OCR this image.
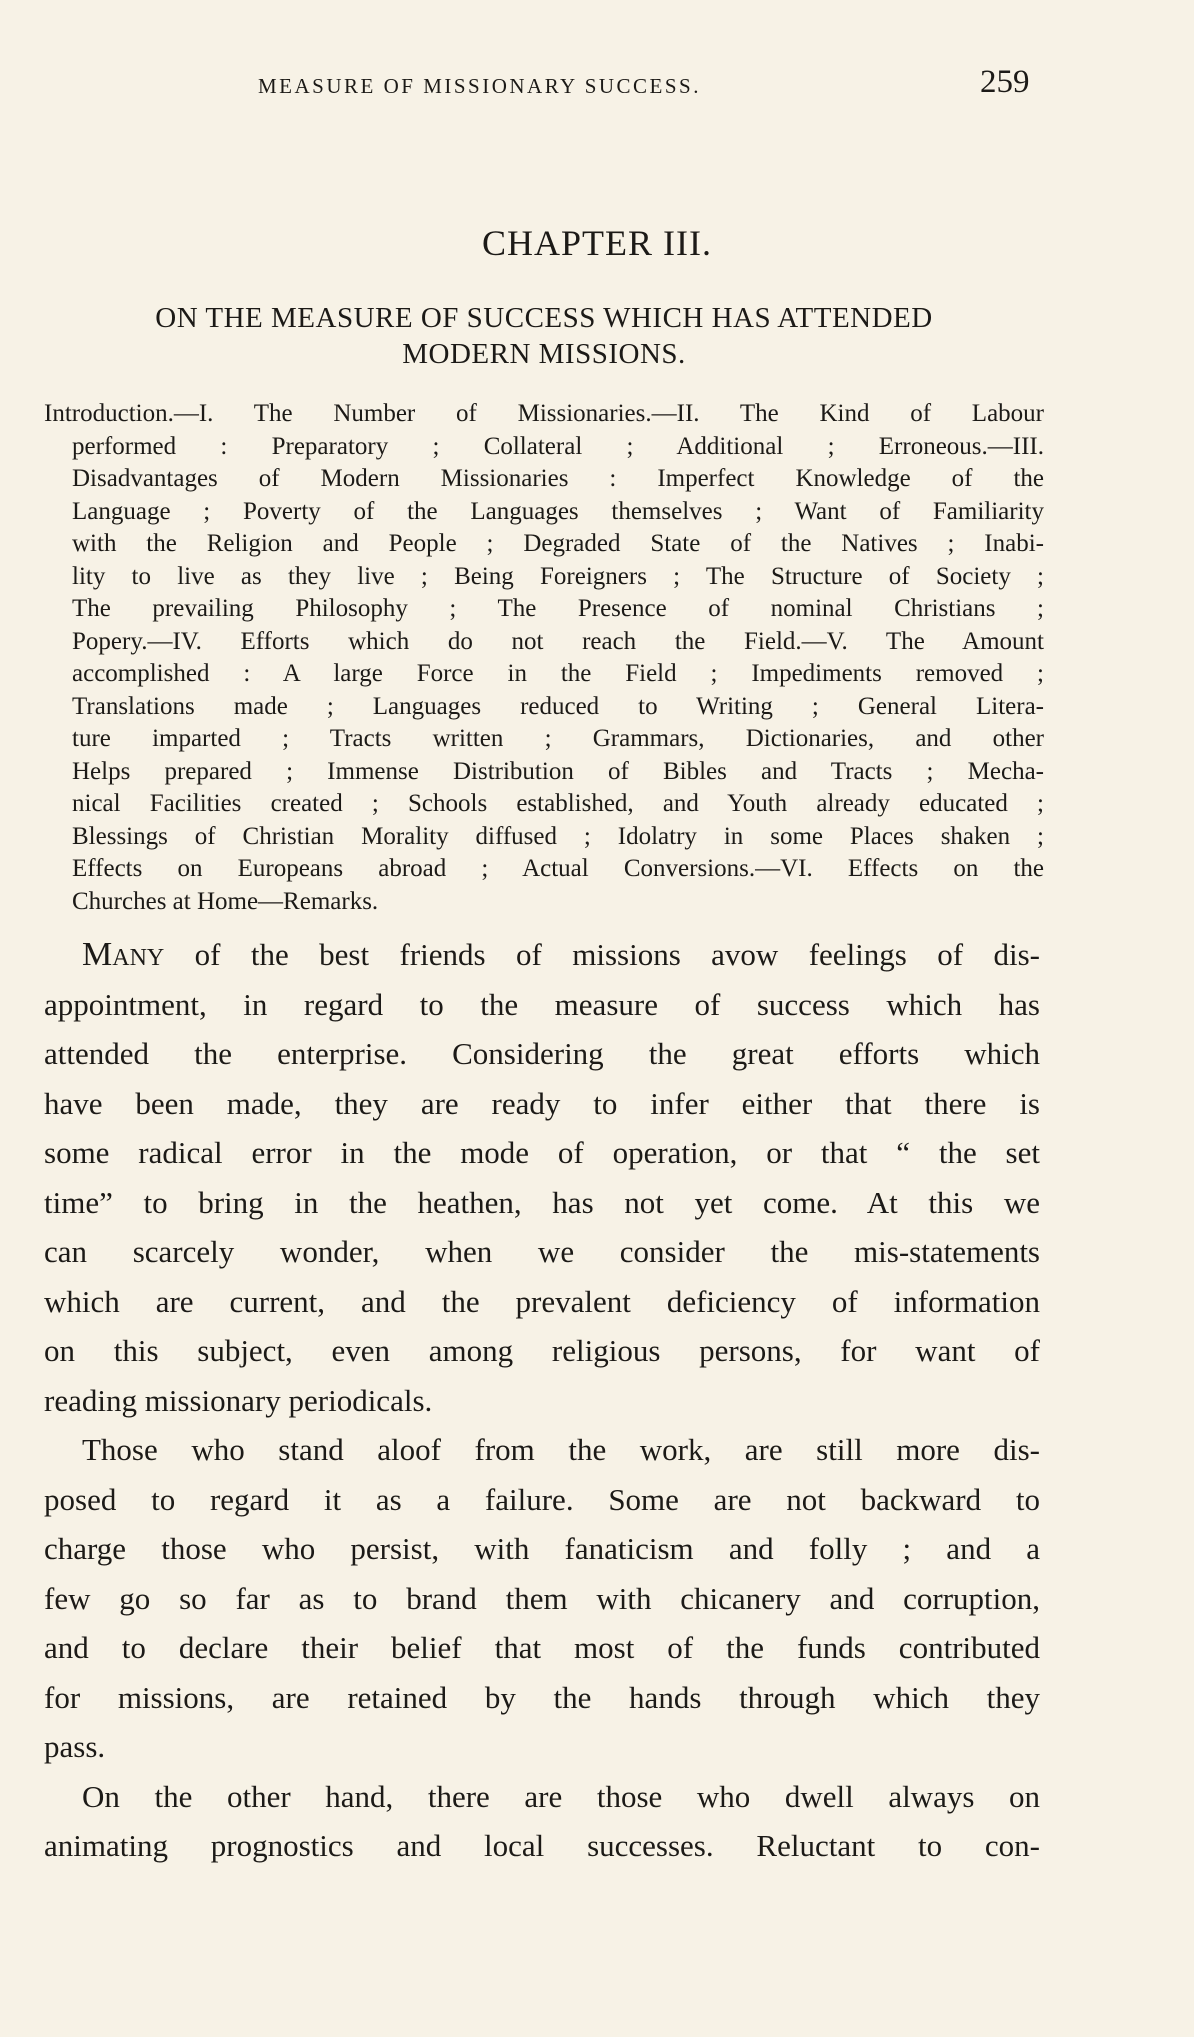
MEASURE OF MISSIONARY SUCCESS.	259
CHAPTER III.
ON THE MEASURE OF SUCCESS WHICH HAS ATTENDED
MODERN MISSIONS.
Introduction.—I. The Number of Missionaries.—II. The Kind of Labour
performed : Preparatory ; Collateral ; Additional ; Erroneous.—III.
Disadvantages of Modern Missionaries : Imperfect Knowledge of the
Language ; Poverty of the Languages themselves ; Want of Familiarity
with the Religion and People ; Degraded State of the Natives ; Inabi-
lity to live as they live ; Being Foreigners ; The Structure of Society ;
The prevailing Philosophy ; The Presence of nominal Christians ;
Popery.—IV. Efforts which do not reach the Field.—V. The Amount
accomplished : A large Force in the Field ; Impediments removed ;
Translations made ; Languages reduced to Writing ; General Litera-
ture imparted ; Tracts written ; Grammars, Dictionaries, and other
Helps prepared ; Immense Distribution of Bibles and Tracts ; Mecha-
nical Facilities created ; Schools established, and Youth already educated ;
Blessings of Christian Morality diffused ; Idolatry in some Places shaken ;
Effects on Europeans abroad ; Actual Conversions.—VI. Effects on the
Churches at Home—Remarks.
Many of the best friends of missions avow feelings of dis-
appointment, in regard to the measure of success which has
attended the enterprise. Considering the great efforts which
have been made, they are ready to infer either that there is
some radical error in the mode of operation, or that “ the set
time” to bring in the heathen, has not yet come. At this we
can scarcely wonder, when we consider the mis-statements
which are current, and the prevalent deficiency of information
on this subject, even among religious persons, for want of
reading missionary periodicals.
Those who stand aloof from the work, are still more dis-
posed to regard it as a failure. Some are not backward to
charge those who persist, with fanaticism and folly ; and a
few go so far as to brand them with chicanery and corruption,
and to declare their belief that most of the funds contributed
for missions, are retained by the hands through which they
pass.
On the other hand, there are those who dwell always on
animating prognostics and local successes. Reluctant to con-
